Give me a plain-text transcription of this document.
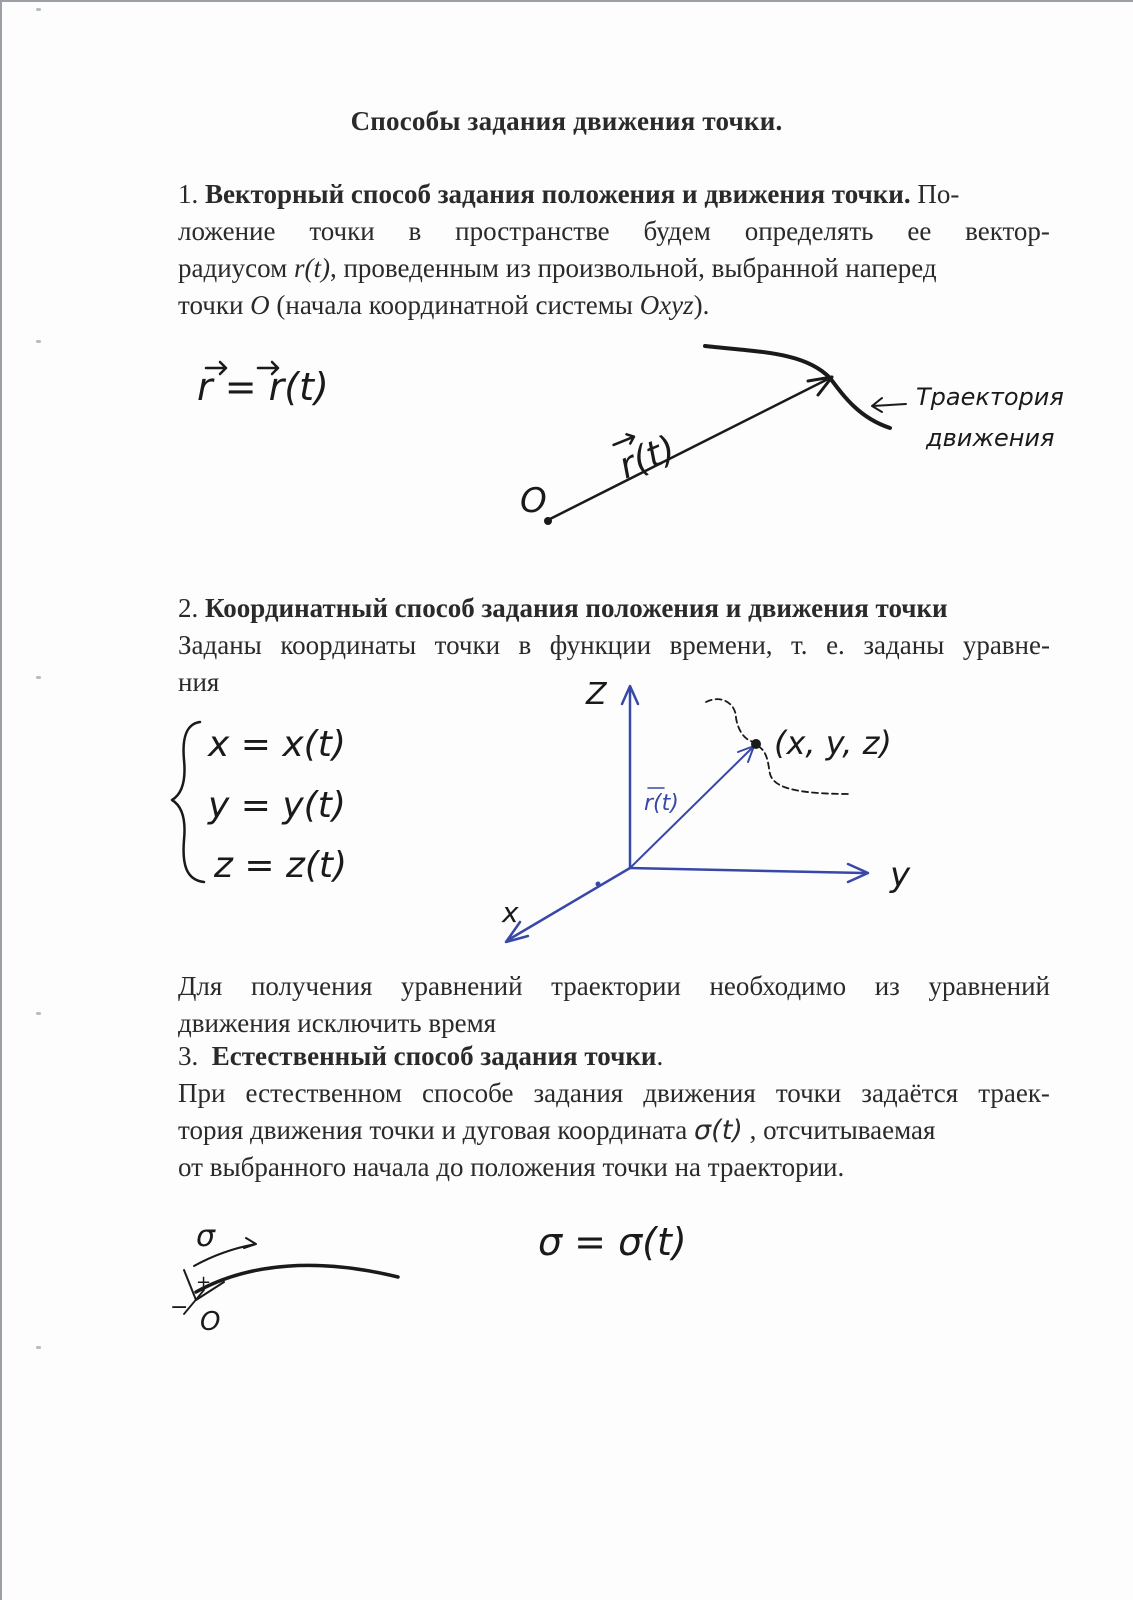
Способы задания движения точки.
1. Векторный способ задания положения и движения точки. По-
ложение точки в пространстве будем определять ее вектор-
радиусом r(t), проведенным из произвольной, выбранной наперед
точки O (начала координатной системы Oxyz).
r = r(t)
O
r(t)
Траектория
движения
2. Координатный способ задания положения и движения точки
Заданы координаты точки в функции времени, т. е. заданы уравне-
ния
x = x(t)
y = y(t)
z = z(t)
Z
y
x
r(t)
(x, y, z)
Для получения уравнений траектории необходимо из уравнений
движения исключить время
3. Естественный способ задания точки.
При естественном способе задания движения точки задаётся траек-
тория движения точки и дуговая координата σ(t) , отсчитываемая
от выбранного начала до положения точки на траектории.
σ
+
− O
σ = σ(t)
